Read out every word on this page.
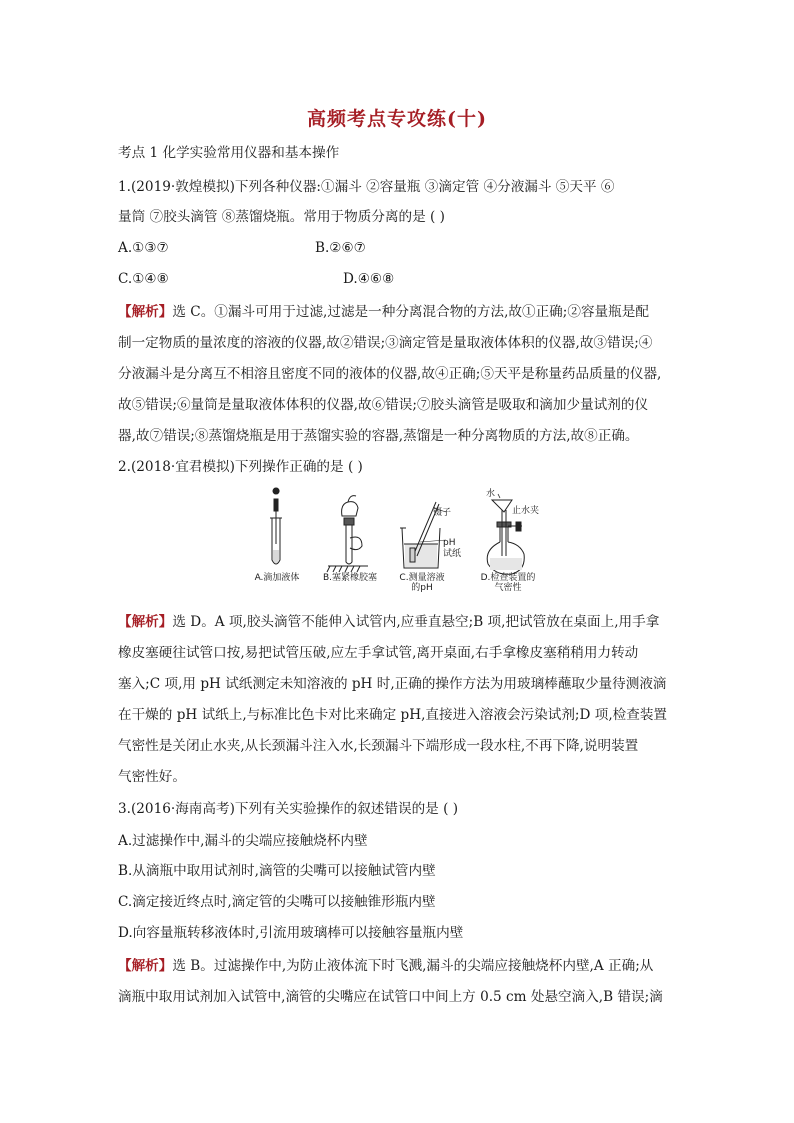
高频考点专攻练(十)
考点 1 化学实验常用仪器和基本操作
1.(2019·敦煌模拟)下列各种仪器:①漏斗 ②容量瓶 ③滴定管 ④分液漏斗 ⑤天平 ⑥
量筒 ⑦胶头滴管 ⑧蒸馏烧瓶。常用于物质分离的是 ( )
A.①③⑦	B.②⑥⑦
C.①④⑧	D.④⑥⑧
【解析】选 C。①漏斗可用于过滤,过滤是一种分离混合物的方法,故①正确;②容量瓶是配
制一定物质的量浓度的溶液的仪器,故②错误;③滴定管是量取液体体积的仪器,故③错误;④
分液漏斗是分离互不相溶且密度不同的液体的仪器,故④正确;⑤天平是称量药品质量的仪器,
故⑤错误;⑥量筒是量取液体体积的仪器,故⑥错误;⑦胶头滴管是吸取和滴加少量试剂的仪
器,故⑦错误;⑧蒸馏烧瓶是用于蒸馏实验的容器,蒸馏是一种分离物质的方法,故⑧正确。
2.(2018·宜君模拟)下列操作正确的是 ( )
镊子
pH
试纸
水
止水夹
A.滴加液体	B.塞紧橡胶塞 C.测量溶液
的pH
D.检查装置的
气密性
【解析】选 D。A 项,胶头滴管不能伸入试管内,应垂直悬空;B 项,把试管放在桌面上,用手拿
橡皮塞硬往试管口按,易把试管压破,应左手拿试管,离开桌面,右手拿橡皮塞稍稍用力转动
塞入;C 项,用 pH 试纸测定未知溶液的 pH 时,正确的操作方法为用玻璃棒蘸取少量待测液滴
在干燥的 pH 试纸上,与标准比色卡对比来确定 pH,直接进入溶液会污染试剂;D 项,检查装置
气密性是关闭止水夹,从长颈漏斗注入水,长颈漏斗下端形成一段水柱,不再下降,说明装置
气密性好。
3.(2016·海南高考)下列有关实验操作的叙述错误的是 ( )
A.过滤操作中,漏斗的尖端应接触烧杯内壁
B.从滴瓶中取用试剂时,滴管的尖嘴可以接触试管内壁
C.滴定接近终点时,滴定管的尖嘴可以接触锥形瓶内壁
D.向容量瓶转移液体时,引流用玻璃棒可以接触容量瓶内壁
【解析】选 B。过滤操作中,为防止液体流下时飞溅,漏斗的尖端应接触烧杯内壁,A 正确;从
滴瓶中取用试剂加入试管中,滴管的尖嘴应在试管口中间上方 0.5 cm 处悬空滴入,B 错误;滴
